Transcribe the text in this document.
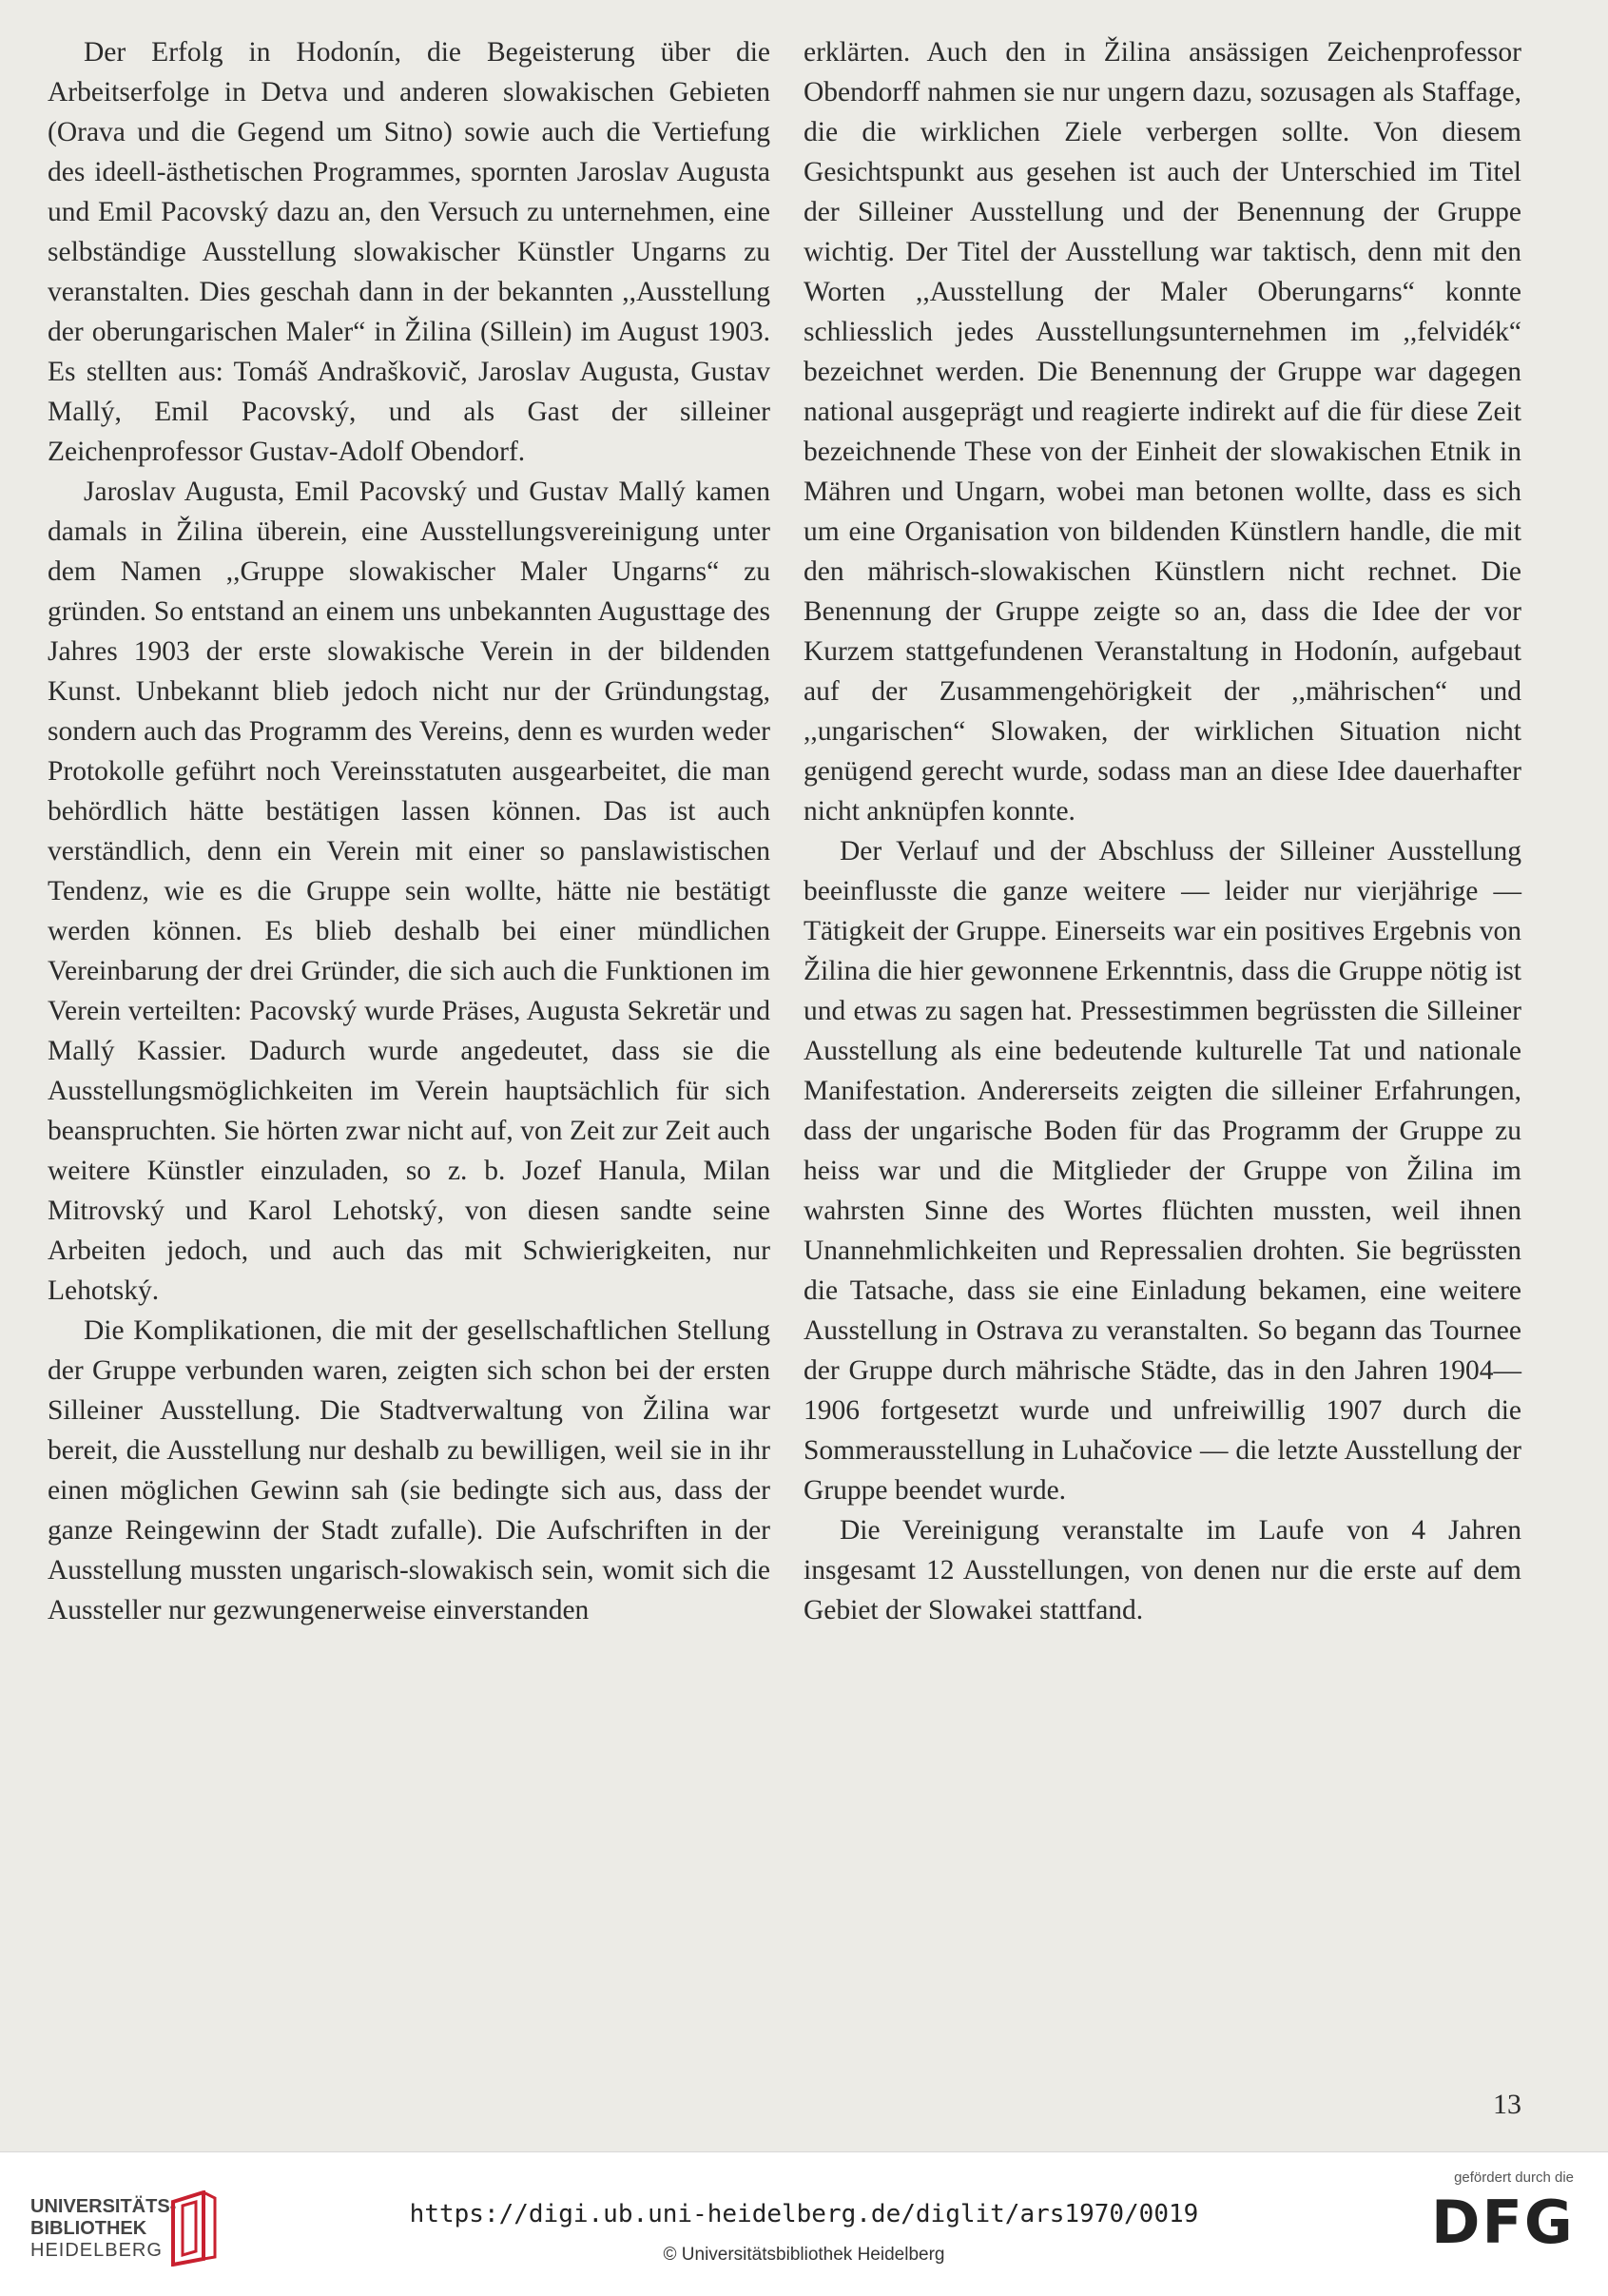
Der Erfolg in Hodonín, die Begeisterung über die Arbeitserfolge in Detva und anderen slowakischen Gebieten (Orava und die Gegend um Sitno) sowie auch die Vertiefung des ideell-ästhetischen Programmes, spornten Jaroslav Augusta und Emil Pacovský dazu an, den Versuch zu unternehmen, eine selbständige Ausstellung slowakischer Künstler Ungarns zu veranstalten. Dies geschah dann in der bekannten ,,Ausstellung der oberungarischen Maler“ in Žilina (Sillein) im August 1903. Es stellten aus: Tomáš Andraškovič, Jaroslav Augusta, Gustav Mallý, Emil Pacovský, und als Gast der silleiner Zeichenprofessor Gustav-Adolf Obendorf.

Jaroslav Augusta, Emil Pacovský und Gustav Mallý kamen damals in Žilina überein, eine Ausstellungsvereinigung unter dem Namen ,,Gruppe slowakischer Maler Ungarns“ zu gründen. So entstand an einem uns unbekannten Augusttage des Jahres 1903 der erste slowakische Verein in der bildenden Kunst. Unbekannt blieb jedoch nicht nur der Gründungstag, sondern auch das Programm des Vereins, denn es wurden weder Protokolle geführt noch Vereinsstatuten ausgearbeitet, die man behördlich hätte bestätigen lassen können. Das ist auch verständlich, denn ein Verein mit einer so panslawistischen Tendenz, wie es die Gruppe sein wollte, hätte nie bestätigt werden können. Es blieb deshalb bei einer mündlichen Vereinbarung der drei Gründer, die sich auch die Funktionen im Verein verteilten: Pacovský wurde Präses, Augusta Sekretär und Mallý Kassier. Dadurch wurde angedeutet, dass sie die Ausstellungsmöglichkeiten im Verein hauptsächlich für sich beanspruchten. Sie hörten zwar nicht auf, von Zeit zur Zeit auch weitere Künstler einzuladen, so z. b. Jozef Hanula, Milan Mitrovský und Karol Lehotský, von diesen sandte seine Arbeiten jedoch, und auch das mit Schwierigkeiten, nur Lehotský.

Die Komplikationen, die mit der gesellschaftlichen Stellung der Gruppe verbunden waren, zeigten sich schon bei der ersten Silleiner Ausstellung. Die Stadtverwaltung von Žilina war bereit, die Ausstellung nur deshalb zu bewilligen, weil sie in ihr einen möglichen Gewinn sah (sie bedingte sich aus, dass der ganze Reingewinn der Stadt zufalle). Die Aufschriften in der Ausstellung mussten ungarisch-slowakisch sein, womit sich die Aussteller nur gezwungenerweise einverstanden

erklärten. Auch den in Žilina ansässigen Zeichenprofessor Obendorff nahmen sie nur ungern dazu, sozusagen als Staffage, die die wirklichen Ziele verbergen sollte. Von diesem Gesichtspunkt aus gesehen ist auch der Unterschied im Titel der Silleiner Ausstellung und der Benennung der Gruppe wichtig. Der Titel der Ausstellung war taktisch, denn mit den Worten ,,Ausstellung der Maler Oberungarns“ konnte schliesslich jedes Ausstellungsunternehmen im ,,felvidék“ bezeichnet werden. Die Benennung der Gruppe war dagegen national ausgeprägt und reagierte indirekt auf die für diese Zeit bezeichnende These von der Einheit der slowakischen Etnik in Mähren und Ungarn, wobei man betonen wollte, dass es sich um eine Organisation von bildenden Künstlern handle, die mit den mährisch-slowakischen Künstlern nicht rechnet. Die Benennung der Gruppe zeigte so an, dass die Idee der vor Kurzem stattgefundenen Veranstaltung in Hodonín, aufgebaut auf der Zusammengehörigkeit der ,,mährischen“ und ,,ungarischen“ Slowaken, der wirklichen Situation nicht genügend gerecht wurde, sodass man an diese Idee dauerhafter nicht anknüpfen konnte.

Der Verlauf und der Abschluss der Silleiner Ausstellung beeinflusste die ganze weitere — leider nur vierjährige — Tätigkeit der Gruppe. Einerseits war ein positives Ergebnis von Žilina die hier gewonnene Erkenntnis, dass die Gruppe nötig ist und etwas zu sagen hat. Pressestimmen begrüssten die Silleiner Ausstellung als eine bedeutende kulturelle Tat und nationale Manifestation. Andererseits zeigten die silleiner Erfahrungen, dass der ungarische Boden für das Programm der Gruppe zu heiss war und die Mitglieder der Gruppe von Žilina im wahrsten Sinne des Wortes flüchten mussten, weil ihnen Unannehmlichkeiten und Repressalien drohten. Sie begrüssten die Tatsache, dass sie eine Einladung bekamen, eine weitere Ausstellung in Ostrava zu veranstalten. So begann das Tournee der Gruppe durch mährische Städte, das in den Jahren 1904—1906 fortgesetzt wurde und unfreiwillig 1907 durch die Sommerausstellung in Luhačovice — die letzte Ausstellung der Gruppe beendet wurde.

Die Vereinigung veranstalte im Laufe von 4 Jahren insgesamt 12 Ausstellungen, von denen nur die erste auf dem Gebiet der Slowakei stattfand.

13
UNIVERSITÄTS-
BIBLIOTHEK
HEIDELBERG
https://digi.ub.uni-heidelberg.de/diglit/ars1970/0019
© Universitätsbibliothek Heidelberg
gefördert durch die
DFG
